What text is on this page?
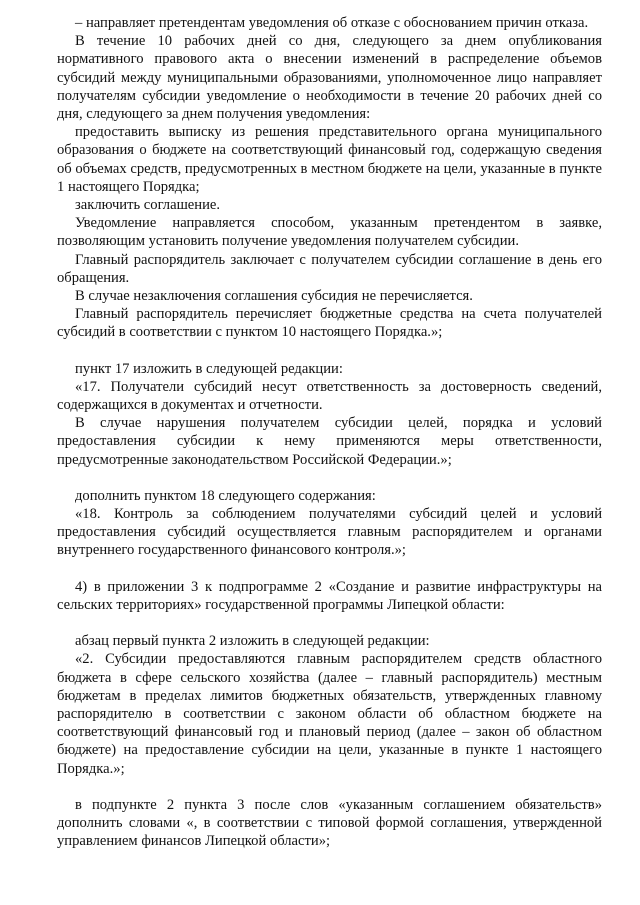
– направляет претендентам уведомления об отказе с обоснованием причин отказа.

В течение 10 рабочих дней со дня, следующего за днем опубликования нормативного правового акта о внесении изменений в распределение объемов субсидий между муниципальными образованиями, уполномоченное лицо направляет получателям субсидии уведомление о необходимости в течение 20 рабочих дней со дня, следующего за днем получения уведомления:

предоставить выписку из решения представительного органа муниципального образования о бюджете на соответствующий финансовый год, содержащую сведения об объемах средств, предусмотренных в местном бюджете на цели, указанные в пункте 1 настоящего Порядка;

заключить соглашение.

Уведомление направляется способом, указанным претендентом в заявке, позволяющим установить получение уведомления получателем субсидии.

Главный распорядитель заключает с получателем субсидии соглашение в день его обращения.

В случае незаключения соглашения субсидия не перечисляется.

Главный распорядитель перечисляет бюджетные средства на счета получателей субсидий в соответствии с пунктом 10 настоящего Порядка.»;

пункт 17 изложить в следующей редакции:

«17. Получатели субсидий несут ответственность за достоверность сведений, содержащихся в документах и отчетности.

В случае нарушения получателем субсидии целей, порядка и условий предоставления субсидии к нему применяются меры ответственности, предусмотренные законодательством Российской Федерации.»;

дополнить пунктом 18 следующего содержания:

«18. Контроль за соблюдением получателями субсидий целей и условий предоставления субсидий осуществляется главным распорядителем и органами внутреннего государственного финансового контроля.»;

4) в приложении 3 к подпрограмме 2 «Создание и развитие инфраструктуры на сельских территориях» государственной программы Липецкой области:

абзац первый пункта 2 изложить в следующей редакции:

«2. Субсидии предоставляются главным распорядителем средств областного бюджета в сфере сельского хозяйства (далее – главный распорядитель) местным бюджетам в пределах лимитов бюджетных обязательств, утвержденных главному распорядителю в соответствии с законом области об областном бюджете на соответствующий финансовый год и плановый период (далее – закон об областном бюджете) на предоставление субсидии на цели, указанные в пункте 1 настоящего Порядка.»;

в подпункте 2 пункта 3 после слов «указанным соглашением обязательств» дополнить словами «, в соответствии с типовой формой соглашения, утвержденной управлением финансов Липецкой области»;
